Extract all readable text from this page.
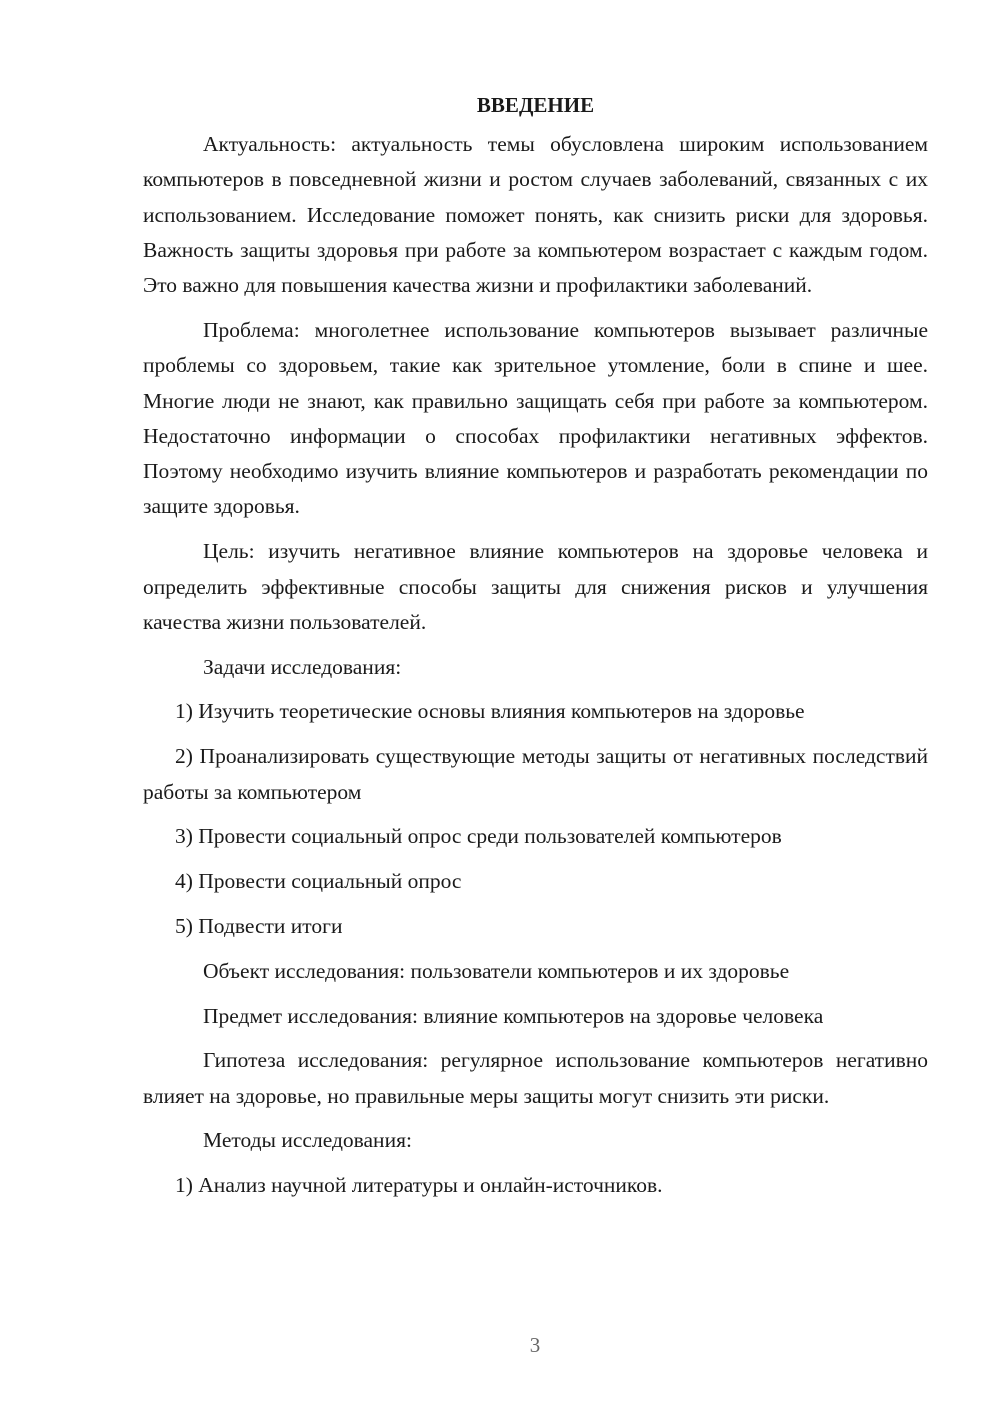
ВВЕДЕНИЕ

Актуальность: актуальность темы обусловлена широким использованием компьютеров в повседневной жизни и ростом случаев заболеваний, связанных с их использованием. Исследование поможет понять, как снизить риски для здоровья. Важность защиты здоровья при работе за компьютером возрастает с каждым годом. Это важно для повышения качества жизни и профилактики заболеваний.

Проблема: многолетнее использование компьютеров вызывает различные проблемы со здоровьем, такие как зрительное утомление, боли в спине и шее. Многие люди не знают, как правильно защищать себя при работе за компьютером. Недостаточно информации о способах профилактики негативных эффектов. Поэтому необходимо изучить влияние компьютеров и разработать рекомендации по защите здоровья.

Цель: изучить негативное влияние компьютеров на здоровье человека и определить эффективные способы защиты для снижения рисков и улучшения качества жизни пользователей.

Задачи исследования:

1) Изучить теоретические основы влияния компьютеров на здоровье

2) Проанализировать существующие методы защиты от негативных последствий работы за компьютером

3) Провести социальный опрос среди пользователей компьютеров

4) Провести социальный опрос

5) Подвести итоги

Объект исследования: пользователи компьютеров и их здоровье

Предмет исследования: влияние компьютеров на здоровье человека

Гипотеза исследования: регулярное использование компьютеров негативно влияет на здоровье, но правильные меры защиты могут снизить эти риски.

Методы исследования:

1) Анализ научной литературы и онлайн-источников.

3
